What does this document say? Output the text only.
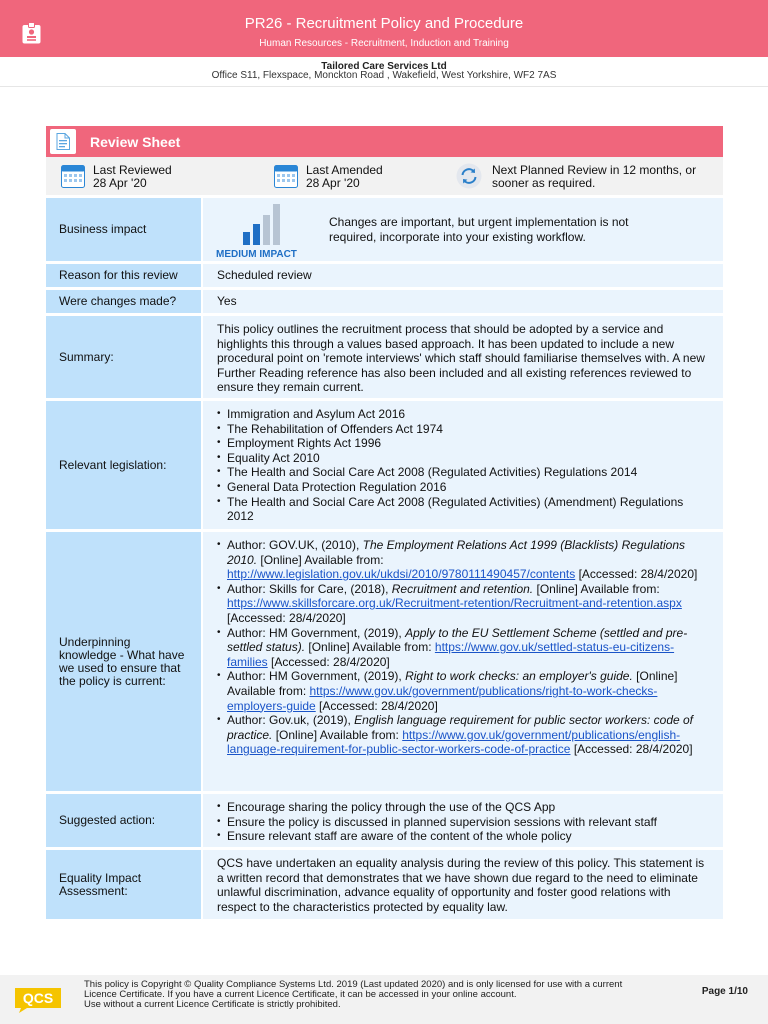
PR26 - Recruitment Policy and Procedure
Human Resources - Recruitment, Induction and Training
Tailored Care Services Ltd
Office S11, Flexspace, Monckton Road , Wakefield, West Yorkshire, WF2 7AS
Review Sheet
Last Reviewed
28 Apr '20
Last Amended
28 Apr '20
Next Planned Review in 12 months, or
sooner as required.
Business impact
MEDIUM IMPACT
Changes are important, but urgent implementation is not required, incorporate into your existing workflow.
Reason for this review	Scheduled review
Were changes made?	Yes
Summary:
This policy outlines the recruitment process that should be adopted by a service and highlights this through a values based approach. It has been updated to include a new procedural point on 'remote interviews' which staff should familiarise themselves with. A new Further Reading reference has also been included and all existing references reviewed to ensure they remain current.
Relevant legislation:
• Immigration and Asylum Act 2016
• The Rehabilitation of Offenders Act 1974
• Employment Rights Act 1996
• Equality Act 2010
• The Health and Social Care Act 2008 (Regulated Activities) Regulations 2014
• General Data Protection Regulation 2016
• The Health and Social Care Act 2008 (Regulated Activities) (Amendment) Regulations 2012
Underpinning knowledge - What have we used to ensure that the policy is current:
• Author: GOV.UK, (2010), The Employment Relations Act 1999 (Blacklists) Regulations 2010. [Online] Available from: http://www.legislation.gov.uk/ukdsi/2010/9780111490457/contents [Accessed: 28/4/2020]
• Author: Skills for Care, (2018), Recruitment and retention. [Online] Available from: https://www.skillsforcare.org.uk/Recruitment-retention/Recruitment-and-retention.aspx [Accessed: 28/4/2020]
• Author: HM Government, (2019), Apply to the EU Settlement Scheme (settled and pre-settled status). [Online] Available from: https://www.gov.uk/settled-status-eu-citizens-families [Accessed: 28/4/2020]
• Author: HM Government, (2019), Right to work checks: an employer's guide. [Online] Available from: https://www.gov.uk/government/publications/right-to-work-checks-employers-guide [Accessed: 28/4/2020]
• Author: Gov.uk, (2019), English language requirement for public sector workers: code of practice. [Online] Available from: https://www.gov.uk/government/publications/english-language-requirement-for-public-sector-workers-code-of-practice [Accessed: 28/4/2020]
Suggested action:
• Encourage sharing the policy through the use of the QCS App
• Ensure the policy is discussed in planned supervision sessions with relevant staff
• Ensure relevant staff are aware of the content of the whole policy
Equality Impact Assessment:
QCS have undertaken an equality analysis during the review of this policy. This statement is a written record that demonstrates that we have shown due regard to the need to eliminate unlawful discrimination, advance equality of opportunity and foster good relations with respect to the characteristics protected by equality law.
QCS
This policy is Copyright © Quality Compliance Systems Ltd. 2019 (Last updated 2020) and is only licensed for use with a current
Licence Certificate. If you have a current Licence Certificate, it can be accessed in your online account.
Use without a current Licence Certificate is strictly prohibited.
Page 1/10
